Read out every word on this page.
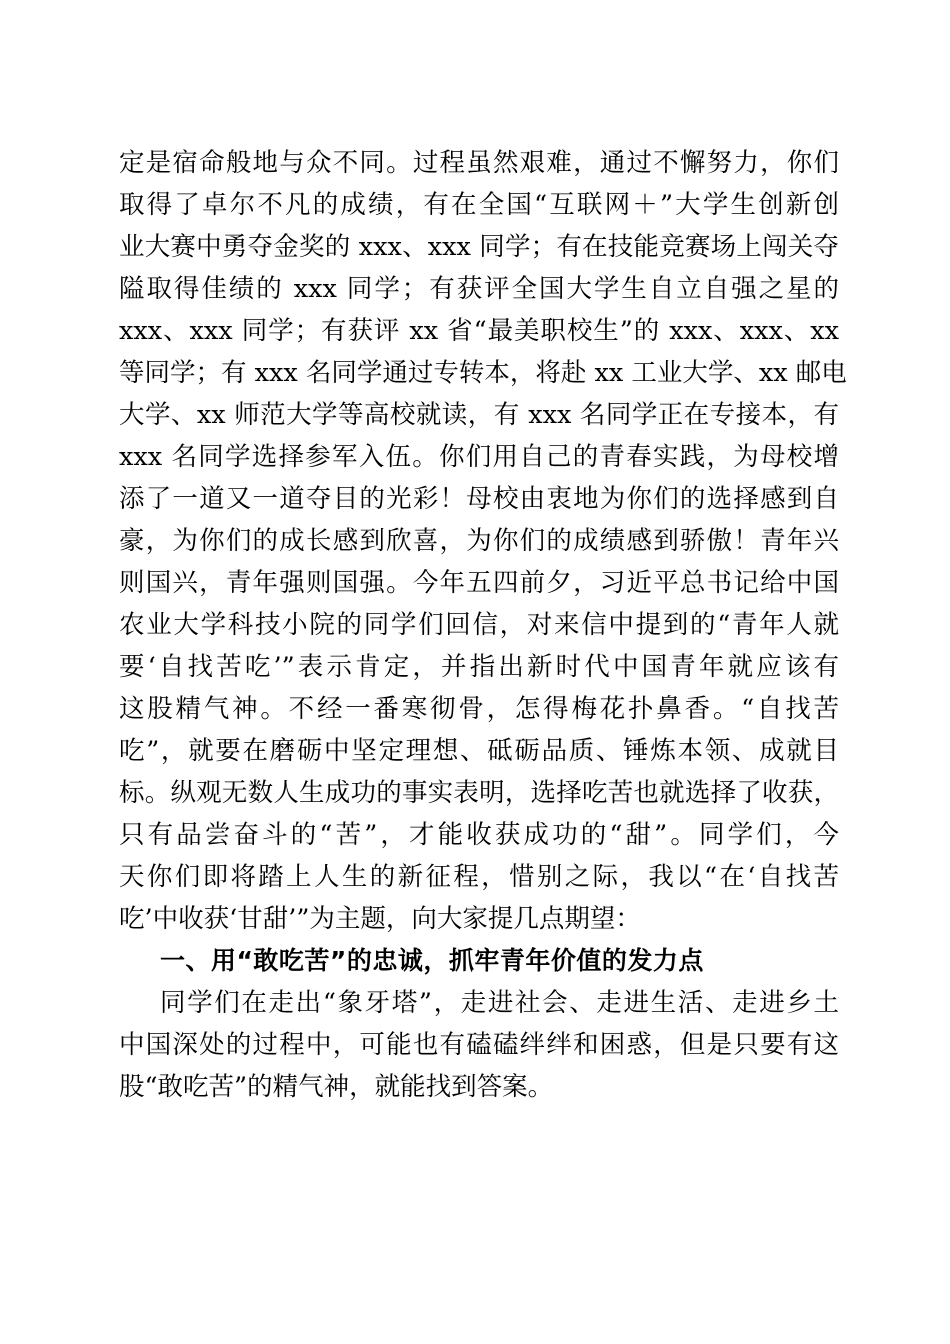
定是宿命般地与众不同。过程虽然艰难，通过不懈努力，你们
取得了卓尔不凡的成绩，有在全国“互联网＋”大学生创新创
业大赛中勇夺金奖的 xxx、xxx 同学；有在技能竞赛场上闯关夺
隘取得佳绩的 xxx 同学；有获评全国大学生自立自强之星的
xxx、xxx 同学；有获评 xx 省“最美职校生”的 xxx、xxx、xx
等同学；有 xxx 名同学通过专转本，将赴 xx 工业大学、xx 邮电
大学、xx 师范大学等高校就读，有 xxx 名同学正在专接本，有
xxx 名同学选择参军入伍。你们用自己的青春实践，为母校增
添了一道又一道夺目的光彩！母校由衷地为你们的选择感到自
豪，为你们的成长感到欣喜，为你们的成绩感到骄傲！青年兴
则国兴，青年强则国强。今年五四前夕，习近平总书记给中国
农业大学科技小院的同学们回信，对来信中提到的“青年人就
要‘自找苦吃’”表示肯定，并指出新时代中国青年就应该有
这股精气神。不经一番寒彻骨，怎得梅花扑鼻香。“自找苦
吃”，就要在磨砺中坚定理想、砥砺品质、锤炼本领、成就目
标。纵观无数人生成功的事实表明，选择吃苦也就选择了收获，
只有品尝奋斗的“苦”，才能收获成功的“甜”。同学们，今
天你们即将踏上人生的新征程，惜别之际，我以“在‘自找苦
吃’中收获‘甘甜’”为主题，向大家提几点期望：
一、用“敢吃苦”的忠诚，抓牢青年价值的发力点
同学们在走出“象牙塔”，走进社会、走进生活、走进乡土
中国深处的过程中，可能也有磕磕绊绊和困惑，但是只要有这
股“敢吃苦”的精气神，就能找到答案。
